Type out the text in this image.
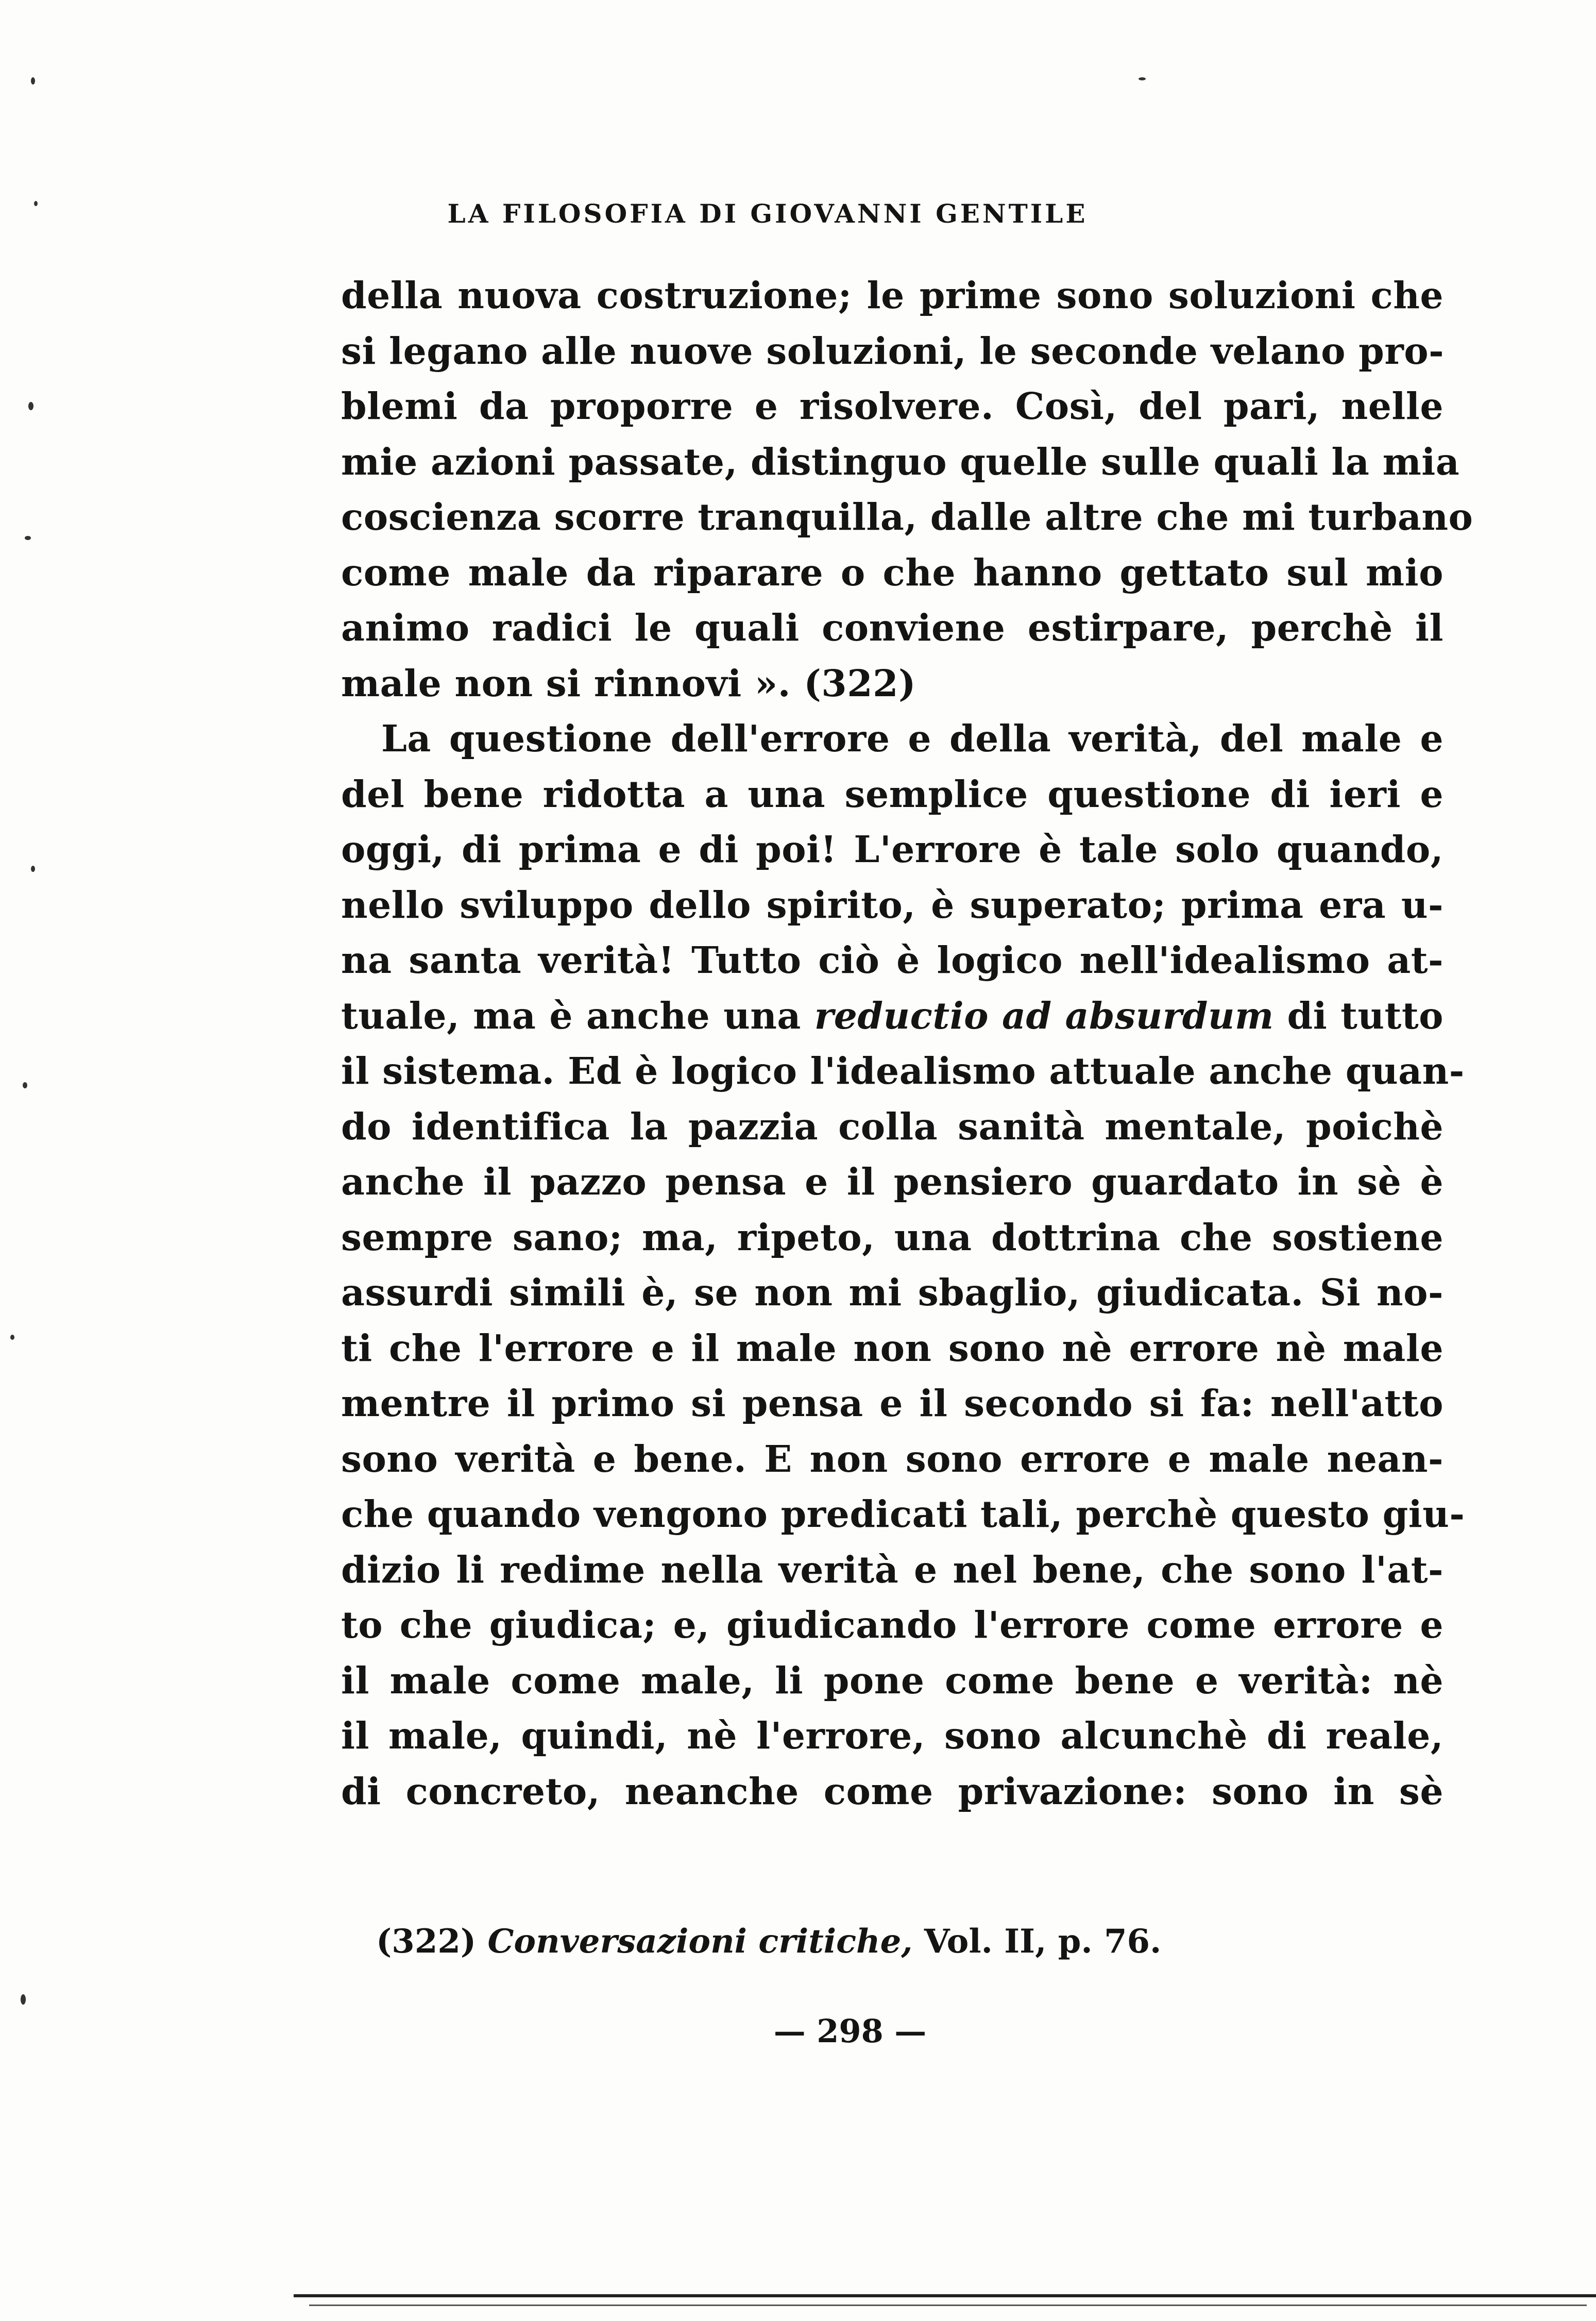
LA FILOSOFIA DI GIOVANNI GENTILE
della nuova costruzione; le prime sono soluzioni che
si legano alle nuove soluzioni, le seconde velano pro-
blemi da proporre e risolvere. Così, del pari, nelle
mie azioni passate, distinguo quelle sulle quali la mia
coscienza scorre tranquilla, dalle altre che mi turbano
come male da riparare o che hanno gettato sul mio
animo radici le quali conviene estirpare, perchè il
male non si rinnovi ». (322)
La questione dell'errore e della verità, del male e
del bene ridotta a una semplice questione di ieri e
oggi, di prima e di poi! L'errore è tale solo quando,
nello sviluppo dello spirito, è superato; prima era u-
na santa verità! Tutto ciò è logico nell'idealismo at-
tuale, ma è anche una reductio ad absurdum di tutto
il sistema. Ed è logico l'idealismo attuale anche quan-
do identifica la pazzia colla sanità mentale, poichè
anche il pazzo pensa e il pensiero guardato in sè è
sempre sano; ma, ripeto, una dottrina che sostiene
assurdi simili è, se non mi sbaglio, giudicata. Si no-
ti che l'errore e il male non sono nè errore nè male
mentre il primo si pensa e il secondo si fa: nell'atto
sono verità e bene. E non sono errore e male nean-
che quando vengono predicati tali, perchè questo giu-
dizio li redime nella verità e nel bene, che sono l'at-
to che giudica; e, giudicando l'errore come errore e
il male come male, li pone come bene e verità: nè
il male, quindi, nè l'errore, sono alcunchè di reale,
di concreto, neanche come privazione: sono in sè
(322) Conversazioni critiche, Vol. II, p. 76.
— 298 —
